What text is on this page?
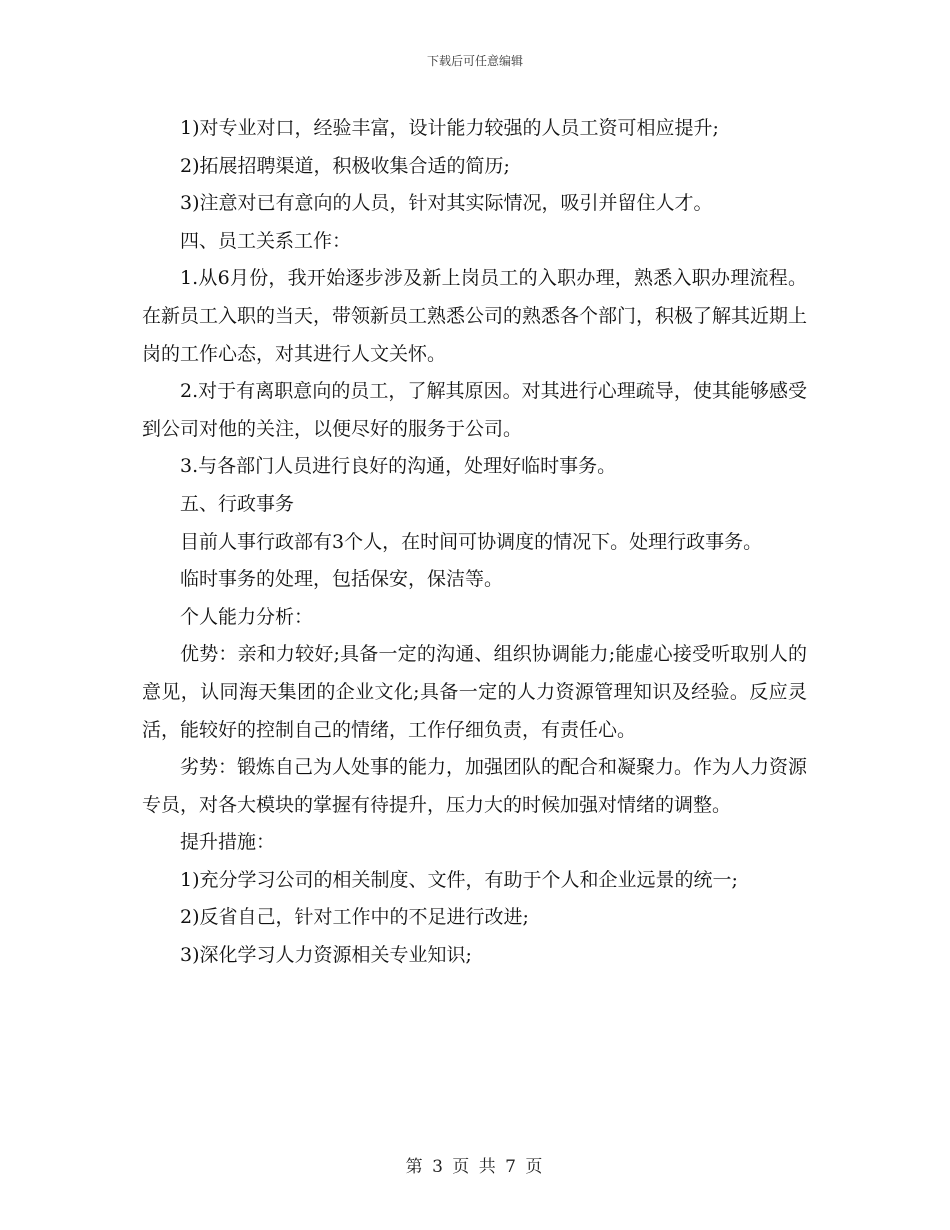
下载后可任意编辑

1)对专业对口，经验丰富，设计能力较强的人员工资可相应提升;

2)拓展招聘渠道，积极收集合适的简历;

3)注意对已有意向的人员，针对其实际情况，吸引并留住人才。

四、员工关系工作：

1.从6月份，我开始逐步涉及新上岗员工的入职办理，熟悉入职办理流程。在新员工入职的当天，带领新员工熟悉公司的熟悉各个部门，积极了解其近期上岗的工作心态，对其进行人文关怀。

2.对于有离职意向的员工，了解其原因。对其进行心理疏导，使其能够感受到公司对他的关注，以便尽好的服务于公司。

3.与各部门人员进行良好的沟通，处理好临时事务。

五、行政事务

目前人事行政部有3个人，在时间可协调度的情况下。处理行政事务。

临时事务的处理，包括保安，保洁等。

个人能力分析：

优势：亲和力较好;具备一定的沟通、组织协调能力;能虚心接受听取别人的意见，认同海天集团的企业文化;具备一定的人力资源管理知识及经验。反应灵活，能较好的控制自己的情绪，工作仔细负责，有责任心。

劣势：锻炼自己为人处事的能力，加强团队的配合和凝聚力。作为人力资源专员，对各大模块的掌握有待提升，压力大的时候加强对情绪的调整。

提升措施：

1)充分学习公司的相关制度、文件，有助于个人和企业远景的统一;

2)反省自己，针对工作中的不足进行改进;

3)深化学习人力资源相关专业知识;

第 3 页 共 7 页
